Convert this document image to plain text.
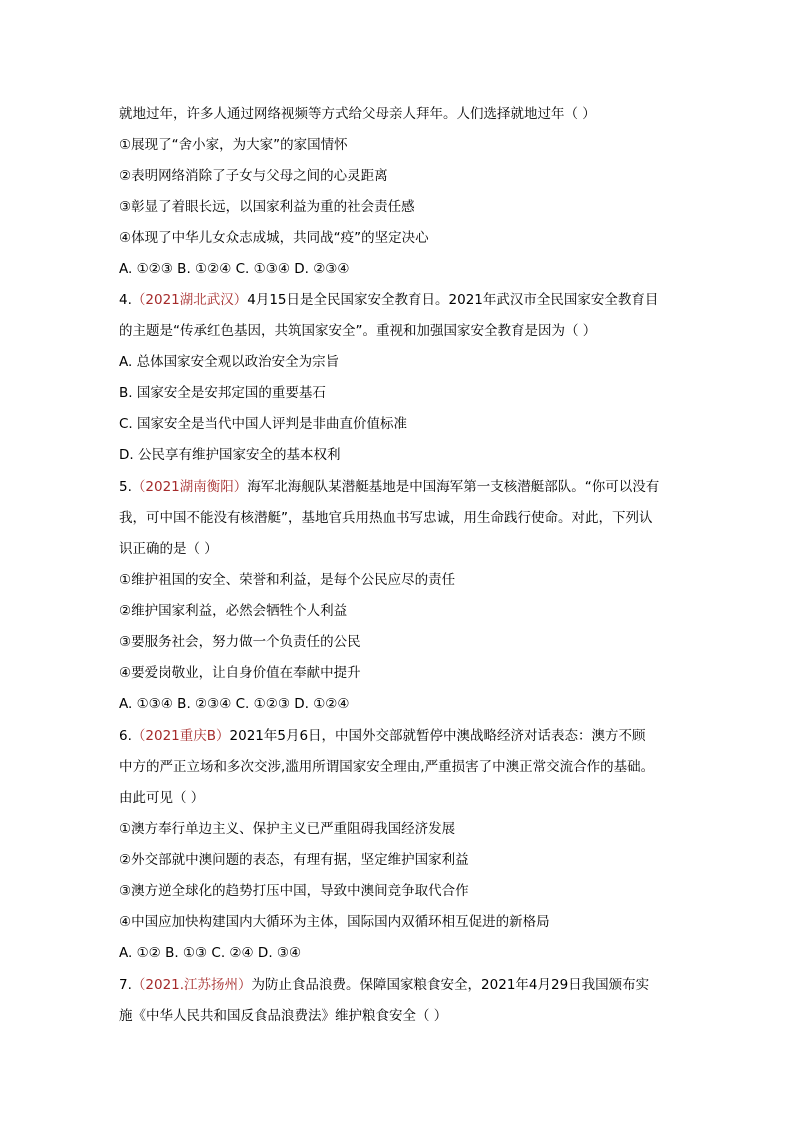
就地过年，许多人通过网络视频等方式给父母亲人拜年。人们选择就地过年（ ）
①展现了“舍小家，为大家”的家国情怀
②表明网络消除了子女与父母之间的心灵距离
③彰显了着眼长远，以国家利益为重的社会责任感
④体现了中华儿女众志成城，共同战“疫”的坚定决心
A. ①②③ B. ①②④ C. ①③④ D. ②③④
4.（2021湖北武汉）4月15日是全民国家安全教育日。2021年武汉市全民国家安全教育目
的主题是“传承红色基因，共筑国家安全”。重视和加强国家安全教育是因为（ ）
A. 总体国家安全观以政治安全为宗旨
B. 国家安全是安邦定国的重要基石
C. 国家安全是当代中国人评判是非曲直价值标准
D. 公民享有维护国家安全的基本权利
5.（2021湖南衡阳）海军北海舰队某潜艇基地是中国海军第一支核潜艇部队。“你可以没有
我，可中国不能没有核潜艇”，基地官兵用热血书写忠诚，用生命践行使命。对此，下列认
识正确的是（ ）
①维护祖国的安全、荣誉和利益，是每个公民应尽的责任
②维护国家利益，必然会牺牲个人利益
③要服务社会，努力做一个负责任的公民
④要爱岗敬业，让自身价值在奉献中提升
A. ①③④ B. ②③④ C. ①②③ D. ①②④
6.（2021重庆B）2021年5月6日，中国外交部就暂停中澳战略经济对话表态：澳方不顾
中方的严正立场和多次交涉,滥用所谓国家安全理由,严重损害了中澳正常交流合作的基础。
由此可见（ ）
①澳方奉行单边主义、保护主义已严重阻碍我国经济发展
②外交部就中澳问题的表态，有理有据，坚定维护国家利益
③澳方逆全球化的趋势打压中国，导致中澳间竞争取代合作
④中国应加快构建国内大循环为主体，国际国内双循环相互促进的新格局
A. ①② B. ①③ C. ②④ D. ③④
7.（2021.江苏扬州）为防止食品浪费。保障国家粮食安全，2021年4月29日我国颁布实
施《中华人民共和国反食品浪费法》维护粮食安全（ ）
